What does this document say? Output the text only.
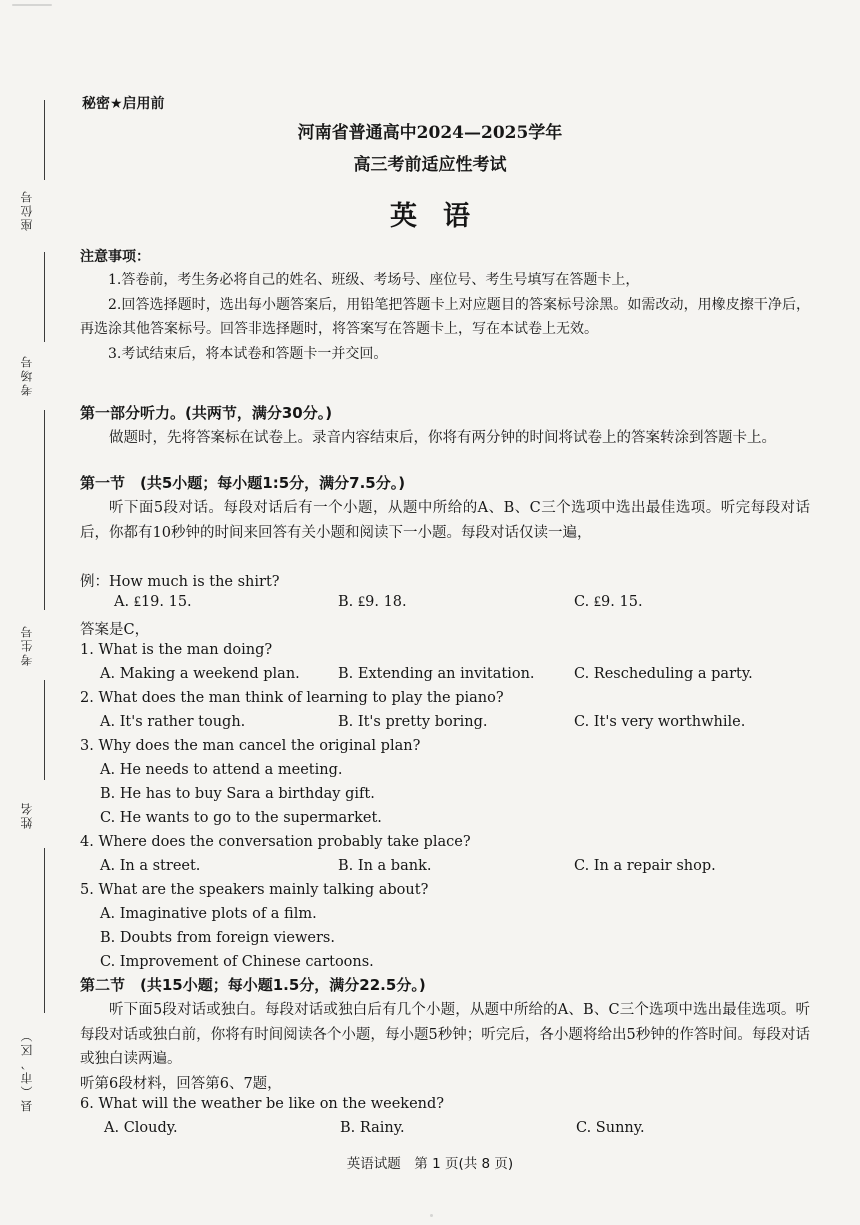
座位号
考场号
考生号
姓名
县（市、区）
秘密★启用前
河南省普通高中2024—2025学年
高三考前适应性考试
英语
注意事项：

1.答卷前，考生务必将自己的姓名、班级、考场号、座位号、考生号填写在答题卡上，

2.回答选择题时，选出每小题答案后，用铅笔把答题卡上对应题目的答案标号涂黑。如需改动，用橡皮擦干净后，再选涂其他答案标号。回答非选择题时，将答案写在答题卡上，写在本试卷上无效。

3.考试结束后，将本试卷和答题卡一并交回。

第一部分听力。(共两节，满分30分。)
做题时，先将答案标在试卷上。录音内容结束后，你将有两分钟的时间将试卷上的答案转涂到答题卡上。
第一节　(共5小题；每小题1:5分，满分7.5分。)
听下面5段对话。每段对话后有一个小题，从题中所给的A、B、C三个选项中选出最佳选项。听完每段对话后，你都有10秒钟的时间来回答有关小题和阅读下一小题。每段对话仅读一遍，
例：How much is the shirt?
A. ₤19. 15.	B. ₤9. 18.	C. ₤9. 15.
答案是C，
1. What is the man doing?
A. Making a weekend plan.	B. Extending an invitation.	C. Rescheduling a party.
2. What does the man think of learning to play the piano?
A. It's rather tough.	B. It's pretty boring.	C. It's very worthwhile.
3. Why does the man cancel the original plan?
A. He needs to attend a meeting.
B. He has to buy Sara a birthday gift.
C. He wants to go to the supermarket.
4. Where does the conversation probably take place?
A. In a street.	B. In a bank.	C. In a repair shop.
5. What are the speakers mainly talking about?
A. Imaginative plots of a film.
B. Doubts from foreign viewers.
C. Improvement of Chinese cartoons.
第二节　(共15小题；每小题1.5分，满分22.5分。)
听下面5段对话或独白。每段对话或独白后有几个小题，从题中所给的A、B、C三个选项中选出最佳选项。听每段对话或独白前，你将有时间阅读各个小题，每小题5秒钟；听完后，各小题将给出5秒钟的作答时间。每段对话或独白读两遍。
听第6段材料，回答第6、7题，
6. What will the weather be like on the weekend?
A. Cloudy.	B. Rainy.	C. Sunny.
英语试题　第 1 页(共 8 页)
